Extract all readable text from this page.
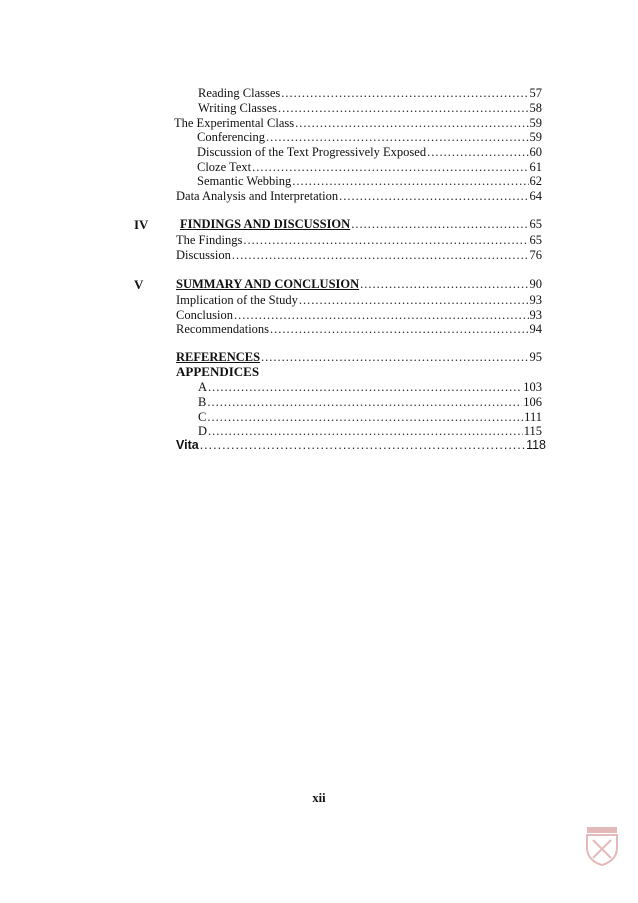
Reading Classes .....	57
Writing Classes .....	58
The Experimental Class .....	59
Conferencing .....	59
Discussion of the Text Progressively Exposed .....	60
Cloze Text .....	61
Semantic Webbing .....	62
Data Analysis and Interpretation .....	64
IV	FINDINGS AND DISCUSSION .....	65
The Findings .....	65
Discussion .....	76
V	SUMMARY AND CONCLUSION .....	90
Implication of the Study .....	93
Conclusion .....	93
Recommendations .....	94
REFERENCES .....	95
APPENDICES
A .....	103
B .....	106
C .....	111
D .....	115
Vita .....	118
xii
